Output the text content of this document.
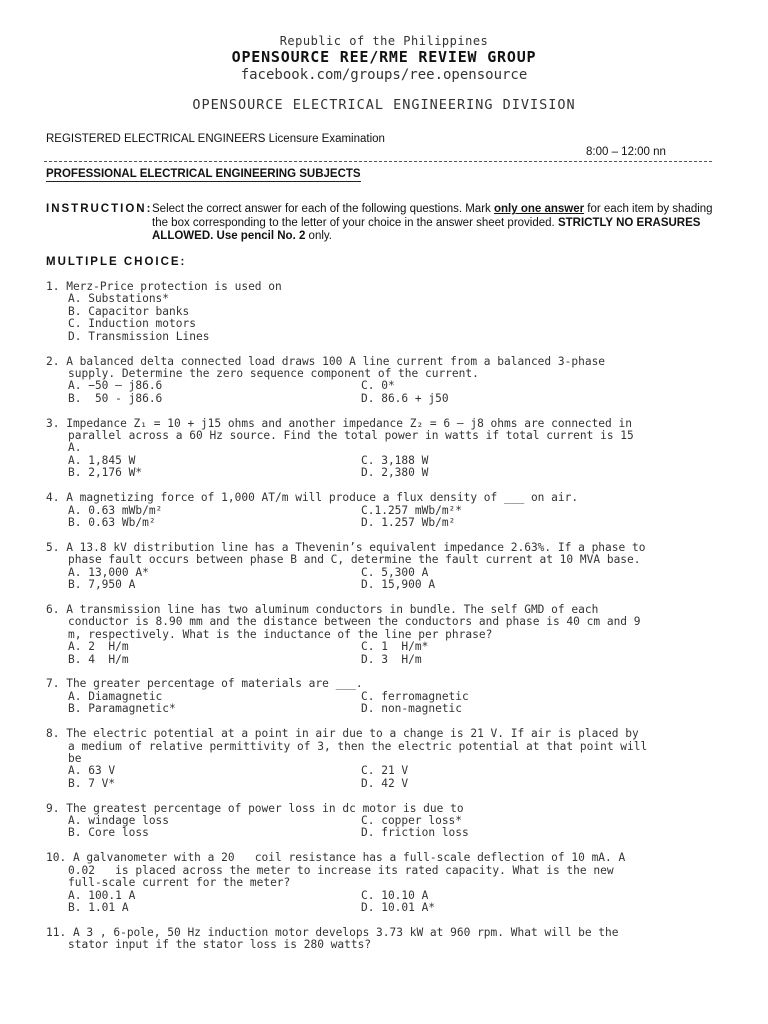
Republic of the Philippines
OPENSOURCE REE/RME REVIEW GROUP
facebook.com/groups/ree.opensource
OPENSOURCE ELECTRICAL ENGINEERING DIVISION
REGISTERED ELECTRICAL ENGINEERS Licensure Examination
8:00 – 12:00 nn
PROFESSIONAL ELECTRICAL ENGINEERING SUBJECTS
INSTRUCTION: Select the correct answer for each of the following questions. Mark only one answer for each item by shading the box corresponding to the letter of your choice in the answer sheet provided. STRICTLY NO ERASURES ALLOWED. Use pencil No. 2 only.
MULTIPLE CHOICE:
1. Merz-Price protection is used on
A. Substations*
B. Capacitor banks
C. Induction motors
D. Transmission Lines
2. A balanced delta connected load draws 100 A line current from a balanced 3-phase
supply. Determine the zero sequence component of the current.
A. −50 – j86.6	C. 0*
B.  50 - j86.6	D. 86.6 + j50
3. Impedance Z₁ = 10 + j15 ohms and another impedance Z₂ = 6 – j8 ohms are connected in
parallel across a 60 Hz source. Find the total power in watts if total current is 15
A.
A. 1,845 W	C. 3,188 W
B. 2,176 W*	D. 2,380 W
4. A magnetizing force of 1,000 AT/m will produce a flux density of ___ on air.
A. 0.63 mWb/m²	C.1.257 mWb/m²*
B. 0.63 Wb/m²	D. 1.257 Wb/m²
5. A 13.8 kV distribution line has a Thevenin’s equivalent impedance 2.63%. If a phase to
phase fault occurs between phase B and C, determine the fault current at 10 MVA base.
A. 13,000 A*	C. 5,300 A
B. 7,950 A	D. 15,900 A
6. A transmission line has two aluminum conductors in bundle. The self GMD of each
conductor is 8.90 mm and the distance between the conductors and phase is 40 cm and 9
m, respectively. What is the inductance of the line per phrase?
A. 2  H/m	C. 1  H/m*
B. 4  H/m	D. 3  H/m
7. The greater percentage of materials are ___.
A. Diamagnetic	C. ferromagnetic
B. Paramagnetic*	D. non-magnetic
8. The electric potential at a point in air due to a change is 21 V. If air is placed by
a medium of relative permittivity of 3, then the electric potential at that point will
be
A. 63 V	C. 21 V
B. 7 V*	D. 42 V
9. The greatest percentage of power loss in dc motor is due to
A. windage loss	C. copper loss*
B. Core loss	D. friction loss
10. A galvanometer with a 20   coil resistance has a full-scale deflection of 10 mA. A
0.02   is placed across the meter to increase its rated capacity. What is the new
full-scale current for the meter?
A. 100.1 A	C. 10.10 A
B. 1.01 A	D. 10.01 A*
11. A 3 , 6-pole, 50 Hz induction motor develops 3.73 kW at 960 rpm. What will be the
stator input if the stator loss is 280 watts?
